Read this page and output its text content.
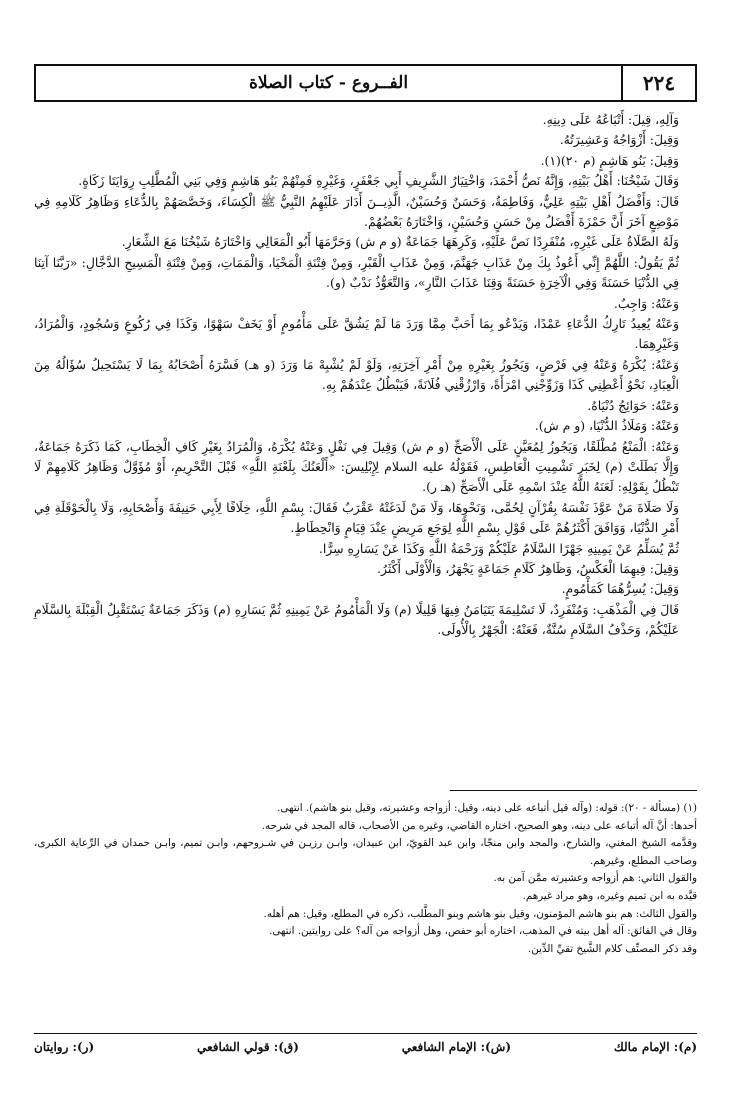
٢٢٤
الفــروع - كتاب الصلاة

وَآلِهِ، قِيلَ: أَتْبَاعُهُ عَلَى دِينِهِ.

وَقِيلَ: أَزْوَاجُهُ وَعَشِيرَتُهُ.

وَقِيلَ: بَنُو هَاشِمٍ (م ٢٠)(١).

وَقَالَ شَيْخُنَا: أَهْلُ بَيْتِهِ، وَإِنَّهُ نَصُّ أَحْمَدَ، وَاخْتِيَارُ الشَّرِيفِ أَبِي جَعْفَرٍ، وَغَيْرِهِ فَمِنْهُمْ بَنُو هَاشِمٍ وَفِي بَنِي الْمُطَّلِبِ رِوَايَتَا زَكَاةٍ.

قَالَ: وَأَفْضَلُ أَهْلِ بَيْتِهِ عَلِيٌّ، وَفَاطِمَةُ، وَحَسَنٌ وَحُسَيْنٌ، الَّذِيــنَ أَدَارَ عَلَيْهِمُ النَّبِيُّ ﷺ الْكِسَاءَ، وَخَصَّصَهُمْ بِالدُّعَاءِ وَظَاهِرُ كَلَامِهِ فِي مَوْضِعٍ آخَرَ أَنَّ حَمْزَةَ أَفْضَلُ مِنْ حَسَنٍ وَحُسَيْنٍ، وَاخْتَارَهُ بَعْضُهُمْ.

وَلَهُ الصَّلَاةُ عَلَى غَيْرِهِ، مُنْفَرِدًا نَصَّ عَلَيْهِ، وَكَرِهَهَا جَمَاعَةٌ (و م ش) وَحَرَّمَهَا أَبُو الْمَعَالِي وَاخْتَارَهُ شَيْخُنَا مَعَ الشِّعَارِ.

ثُمَّ يَقُولُ: اللَّهُمَّ إِنِّي أَعُوذُ بِكَ مِنْ عَذَابِ جَهَنَّمَ، وَمِنْ عَذَابِ الْقَبْرِ، وَمِنْ فِتْنَةِ الْمَحْيَا، وَالْمَمَاتِ، وَمِنْ فِتْنَةِ الْمَسِيحِ الدَّجَّالِ: «رَبَّنَا آتِنَا فِي الدُّنْيَا حَسَنَةً وَفِي الْآخِرَةِ حَسَنَةً وَقِنَا عَذَابَ النَّارِ»، وَالتَّعَوُّذُ نَدْبٌ (و).

وَعَنْهُ: وَاجِبٌ.

وَعَنْهُ يُعِيدُ تَارِكُ الدُّعَاءِ عَمْدًا، وَيَدْعُو بِمَا أَحَبَّ مِمَّا وَرَدَ مَا لَمْ يَشُقَّ عَلَى مَأْمُومٍ أَوْ يَخَفْ سَهْوًا، وَكَذَا فِي رُكُوعٍ وَسُجُودٍ، وَالْمُرَادُ، وَغَيْرِهِمَا.

وَعَنْهُ: يُكْرَهُ وَعَنْهُ فِي فَرْضٍ، وَيَجُوزُ بِغَيْرِهِ مِنْ أَمْرِ آخِرَتِهِ، وَلَوْ لَمْ يُشْبِهْ مَا وَرَدَ (و هـ) فَسَّرَهُ أَصْحَابُهُ بِمَا لَا يَسْتَحِيلُ سُؤَالُهُ مِنَ الْعِبَادِ، نَحْوُ أَعْطِنِي كَذَا وَزَوِّجْنِي امْرَأَةً، وَارْزُقْنِي فُلَانَةً، فَيَبْطُلُ عِنْدَهُمْ بِهِ.

وَعَنْهُ: حَوَائِجُ دُنْيَاهُ.

وَعَنْهُ: وَمَلَاذُ الدُّنْيَا، (و م ش).

وَعَنْهُ: الْمَنْعُ مُطْلَقًا، وَيَجُوزُ لِمُعَيَّنٍ عَلَى الْأَصَحِّ (و م ش) وَقِيلَ فِي نَفْلٍ وَعَنْهُ يُكْرَهُ، وَالْمُرَادُ بِغَيْرِ كَافِ الْخِطَابِ، كَمَا ذَكَرَهُ جَمَاعَةٌ، وَإِلَّا بَطَلَتْ (م) لِخَبَرِ تَشْمِيتِ الْعَاطِسِ، فَقَوْلُهُ عليه السلام لِإِبْلِيسَ: «أَلْعَنُكَ بِلَعْنَةِ اللَّهِ» قَبْلَ التَّحْرِيمِ، أَوْ مُؤَوَّلٌ وَظَاهِرُ كَلَامِهِمْ لَا تَبْطُلُ بِقَوْلِهِ: لَعَنَهُ اللَّهُ عِنْدَ اسْمِهِ عَلَى الْأَصَحِّ (هـ ر).

وَلَا صَلَاةَ مَنْ عَوَّذَ نَفْسَهُ بِقُرْآنٍ لِحُمَّى، وَنَحْوِهَا، وَلَا مَنْ لَدَغَتْهُ عَقْرَبٌ فَقَالَ: بِسْمِ اللَّهِ، خِلَافًا لِأَبِي حَنِيفَةَ وَأَصْحَابِهِ، وَلَا بِالْحَوْقَلَةِ فِي أَمْرِ الدُّنْيَا، وَوَافَقَ أَكْثَرُهُمْ عَلَى قَوْلِ بِسْمِ اللَّهِ لِوَجَعِ مَرِيضٍ عِنْدَ قِيَامٍ وَانْحِطَاطٍ.

ثُمَّ يُسَلِّمُ عَنْ يَمِينِهِ جَهْرًا السَّلَامُ عَلَيْكُمْ وَرَحْمَةُ اللَّهِ وَكَذَا عَنْ يَسَارِهِ سِرًّا.

وَقِيلَ: فِيهِمَا الْعَكْسُ، وَظَاهِرُ كَلَامِ جَمَاعَةٍ يَجْهَرُ، وَالْأَوْلَى أَكْثَرُ.

وَقِيلَ: يُسِرُّهُمَا كَمَأْمُومٍ.

قَالَ فِي الْمَذْهَبِ: وَمُنْفَرِدٌ، لَا تَسْلِيمَةَ يَتَيَامَنُ فِيهَا قَلِيلًا (م) وَلَا الْمَأْمُومُ عَنْ يَمِينِهِ ثُمَّ يَسَارِهِ (م) وَذَكَرَ جَمَاعَةٌ يَسْتَقْبِلُ الْقِبْلَةَ بِالسَّلَامِ عَلَيْكُمْ، وَحَذْفُ السَّلَامِ سُنَّةٌ، فَعَنْهُ: الْجَهْرُ بِالْأُولَى.

(١) (مسألة - ٢٠): قوله: (وآله قيل أتباعه على دينه، وقيل: أزواجه وعشيرته، وقيل بنو هاشم). انتهى.

أحدها: أنَّ آله أتباعه على دينه، وهو الصحيح، اختاره القاضي، وغيره من الأصحاب، قاله المجد في شرحه.

وقدَّمه الشيخ المغني، والشارح، والمجد وابن منجّا، وابن عبد القويّ، ابن عبيدان، وابـن رزيـن في شـروحهم، وابـن تميم، وابـن حمدان في الرِّعاية الكبرى، وصاحب المطلع، وغيرهم.

والقول الثاني: هم أزواجه وعشيرته ممَّن آمن به.

قيَّده به ابن تميم وغيره، وهو مراد غيرهم.

والقول الثالث: هم بنو هاشم المؤمنون، وقيل بنو هاشم وبنو المطَّلب، ذكره في المطلع، وقيل: هم أهله.

وقال في الفائق: آله أهل بيته في المذهب، اختاره أبو حفص، وهل أزواجه من آله؟ على روايتين. انتهى.

وقد ذكر المصنِّف كلام الشَّيخ تقيِّ الدِّين.

(م): الإمام مالك
(ش): الإمام الشافعي
(ق): قولي الشافعي
(ر): روايتان
